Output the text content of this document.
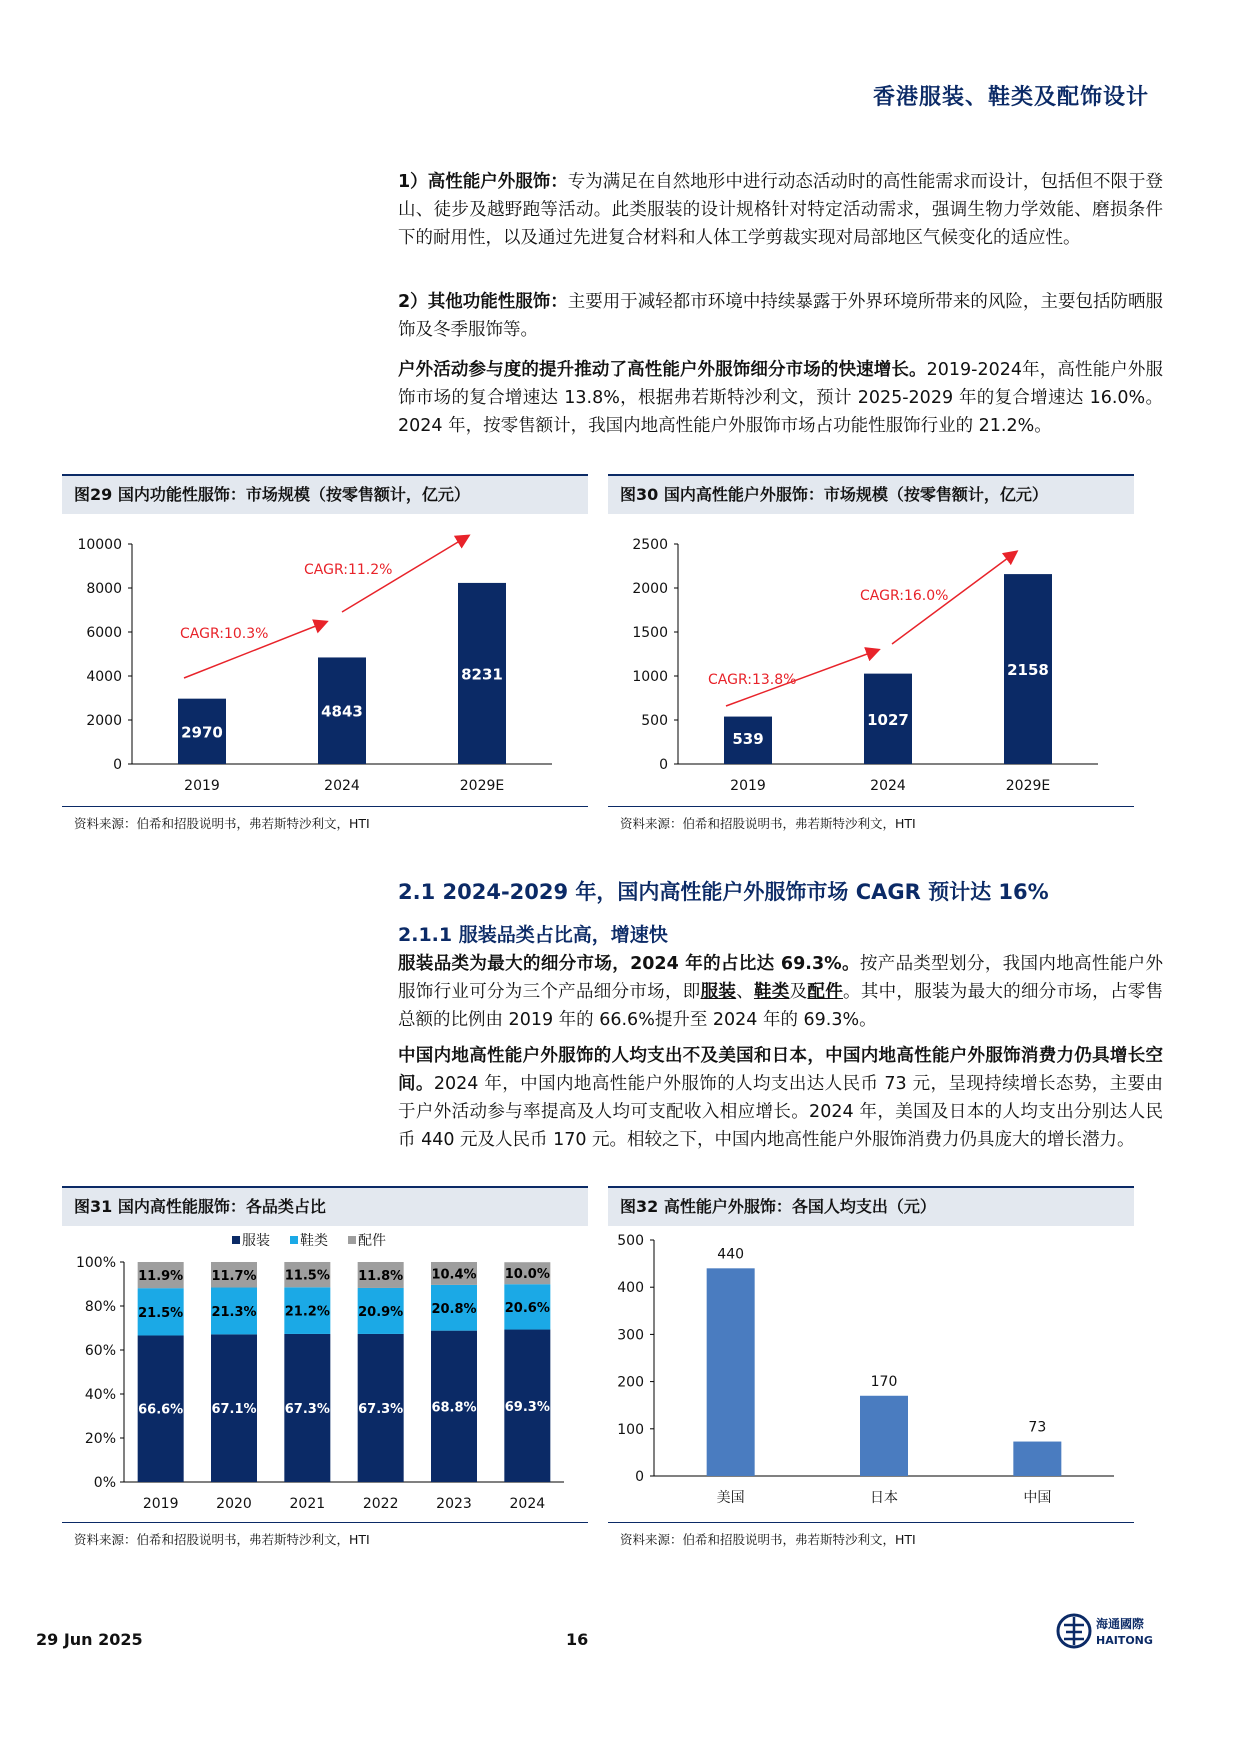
香港服装、鞋类及配饰设计
1）高性能户外服饰：专为满足在自然地形中进行动态活动时的高性能需求而设计，包括但不限于登山、徒步及越野跑等活动。此类服装的设计规格针对特定活动需求，强调生物力学效能、磨损条件下的耐用性，以及通过先进复合材料和人体工学剪裁实现对局部地区气候变化的适应性。
2）其他功能性服饰：主要用于减轻都市环境中持续暴露于外界环境所带来的风险，主要包括防晒服饰及冬季服饰等。
户外活动参与度的提升推动了高性能户外服饰细分市场的快速增长。2019-2024年，高性能户外服饰市场的复合增速达 13.8%，根据弗若斯特沙利文，预计 2025-2029 年的复合增速达 16.0%。2024 年，按零售额计，我国内地高性能户外服饰市场占功能性服饰行业的 21.2%。
图29 国内功能性服饰：市场规模（按零售额计，亿元）
0
2000
4000
6000
8000
10000
2019
2970
2024
4843
2029E
8231
CAGR:10.3%
CAGR:11.2%
资料来源：伯希和招股说明书，弗若斯特沙利文，HTI
图30 国内高性能户外服饰：市场规模（按零售额计，亿元）
0
500
1000
1500
2000
2500
2019
539
2024
1027
2029E
2158
CAGR:13.8%
CAGR:16.0%
资料来源：伯希和招股说明书，弗若斯特沙利文，HTI
2.1 2024-2029 年，国内高性能户外服饰市场 CAGR 预计达 16%
2.1.1 服装品类占比高，增速快
服装品类为最大的细分市场，2024 年的占比达 69.3%。按产品类型划分，我国内地高性能户外服饰行业可分为三个产品细分市场，即服装、鞋类及配件。其中，服装为最大的细分市场，占零售总额的比例由 2019 年的 66.6%提升至 2024 年的 69.3%。
中国内地高性能户外服饰的人均支出不及美国和日本，中国内地高性能户外服饰消费力仍具增长空间。2024 年，中国内地高性能户外服饰的人均支出达人民币 73 元，呈现持续增长态势，主要由于户外活动参与率提高及人均可支配收入相应增长。2024 年，美国及日本的人均支出分别达人民币 440 元及人民币 170 元。相较之下，中国内地高性能户外服饰消费力仍具庞大的增长潜力。
图31 国内高性能服饰：各品类占比
0%
20%
40%
60%
80%
100%
服装 鞋类 配件
66.6%
21.5%
11.9%
2019
67.1%
21.3%
11.7%
2020
67.3%
21.2%
11.5%
2021
67.3%
20.9%
11.8%
2022
68.8%
20.8%
10.4%
2023
69.3%
20.6%
10.0%
2024
资料来源：伯希和招股说明书，弗若斯特沙利文，HTI
图32 高性能户外服饰：各国人均支出（元）
0
100
200
300
400
500
美国
440
日本
170
中国
73
资料来源：伯希和招股说明书，弗若斯特沙利文，HTI
29 Jun 2025	16
海通國際
HAITONG
